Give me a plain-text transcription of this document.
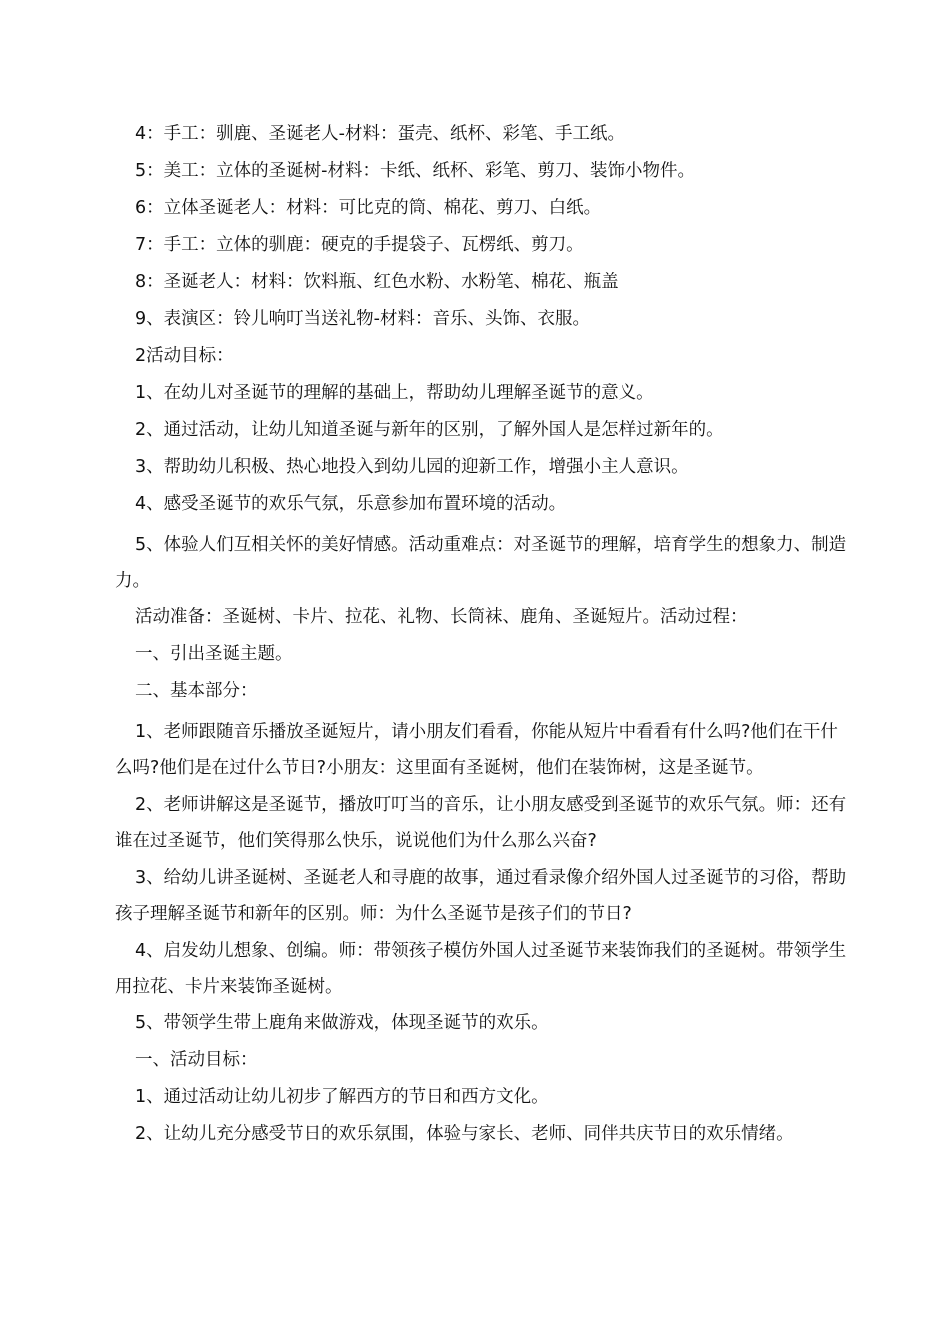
4：手工：驯鹿、圣诞老人-材料：蛋壳、纸杯、彩笔、手工纸。

5：美工：立体的圣诞树-材料：卡纸、纸杯、彩笔、剪刀、装饰小物件。

6：立体圣诞老人：材料：可比克的筒、棉花、剪刀、白纸。

7：手工：立体的驯鹿：硬克的手提袋子、瓦楞纸、剪刀。

8：圣诞老人：材料：饮料瓶、红色水粉、水粉笔、棉花、瓶盖

9、表演区：铃儿响叮当送礼物-材料：音乐、头饰、衣服。

2活动目标：

1、在幼儿对圣诞节的理解的基础上，帮助幼儿理解圣诞节的意义。

2、通过活动，让幼儿知道圣诞与新年的区别，了解外国人是怎样过新年的。

3、帮助幼儿积极、热心地投入到幼儿园的迎新工作，增强小主人意识。

4、感受圣诞节的欢乐气氛，乐意参加布置环境的活动。

5、体验人们互相关怀的美好情感。活动重难点：对圣诞节的理解，培育学生的想象力、制造力。

活动准备：圣诞树、卡片、拉花、礼物、长筒袜、鹿角、圣诞短片。活动过程：

一、引出圣诞主题。

二、基本部分：

1、老师跟随音乐播放圣诞短片，请小朋友们看看，你能从短片中看看有什么吗?他们在干什么吗?他们是在过什么节日?小朋友：这里面有圣诞树，他们在装饰树，这是圣诞节。

2、老师讲解这是圣诞节，播放叮叮当的音乐，让小朋友感受到圣诞节的欢乐气氛。师：还有谁在过圣诞节，他们笑得那么快乐，说说他们为什么那么兴奋?

3、给幼儿讲圣诞树、圣诞老人和寻鹿的故事，通过看录像介绍外国人过圣诞节的习俗，帮助孩子理解圣诞节和新年的区别。师：为什么圣诞节是孩子们的节日?

4、启发幼儿想象、创编。师：带领孩子模仿外国人过圣诞节来装饰我们的圣诞树。带领学生用拉花、卡片来装饰圣诞树。

5、带领学生带上鹿角来做游戏，体现圣诞节的欢乐。

一、活动目标：

1、通过活动让幼儿初步了解西方的节日和西方文化。

2、让幼儿充分感受节日的欢乐氛围，体验与家长、老师、同伴共庆节日的欢乐情绪。
